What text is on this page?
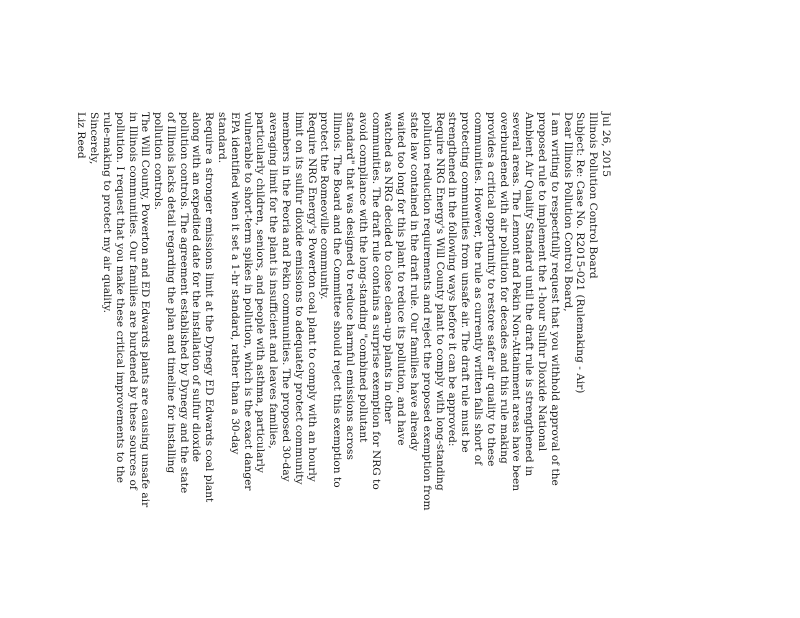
Jul 26, 2015

Illinois Pollution Control Board

Subject: Re: Case No. R2015-021 (Rulemaking - Air)

Dear Illinois Pollution Control Board,

I am writing to respectfully request that you withhold approval of the
proposed rule to implement the 1-hour Sulfur Dioxide National
Ambient Air Quality Standard until the draft rule is strengthened in
several areas. The Lemont and Pekin Non-Attainment areas have been
overburdened with air pollution for decades and this rule making
provides a critical opportunity to restore safer air quality to these
communities. However, the rule as currently written falls short of
protecting communities from unsafe air. The draft rule must be
strengthened in the following ways before it can be approved:

Require NRG Energy's Will County plant to comply with long-standing
pollution reduction requirements and reject the proposed exemption from
state law contained in the draft rule. Our families have already
waited too long for this plant to reduce its pollution, and have
watched as NRG decided to close clean-up plants in other
communities. The draft rule contains a surprise exemption for NRG to
avoid compliance with the long-standing "combined pollutant
standard" that was designed to reduce harmful emissions across
Illinois. The Board and the Committee should reject this exemption to
protect the Romeoville community.

Require NRG Energy's Powerton coal plant to comply with an hourly
limit on its sulfur dioxide emissions to adequately protect community
members in the Peoria and Pekin communities. The proposed 30-day
averaging limit for the plant is insufficient and leaves families,
particularly children, seniors, and people with asthma, particularly
vulnerable to short-term spikes in pollution, which is the exact danger
EPA identified when it set a 1-hr standard, rather than a 30-day
standard.

Require a stronger emissions limit at the Dynegy ED Edwards coal plant
along with an expedited date for the installation of sulfur dioxide
pollution controls. The agreement established by Dynegy and the state
of Illinois lacks detail regarding the plan and timeline for installing
pollution controls.

The Will County, Powerton and ED Edwards plants are causing unsafe air
in Illinois communities. Our families are burdened by these sources of
pollution. I request that you make these critical improvements to the
rule-making to protect my air quality.

Sincerely,

Liz Reed
